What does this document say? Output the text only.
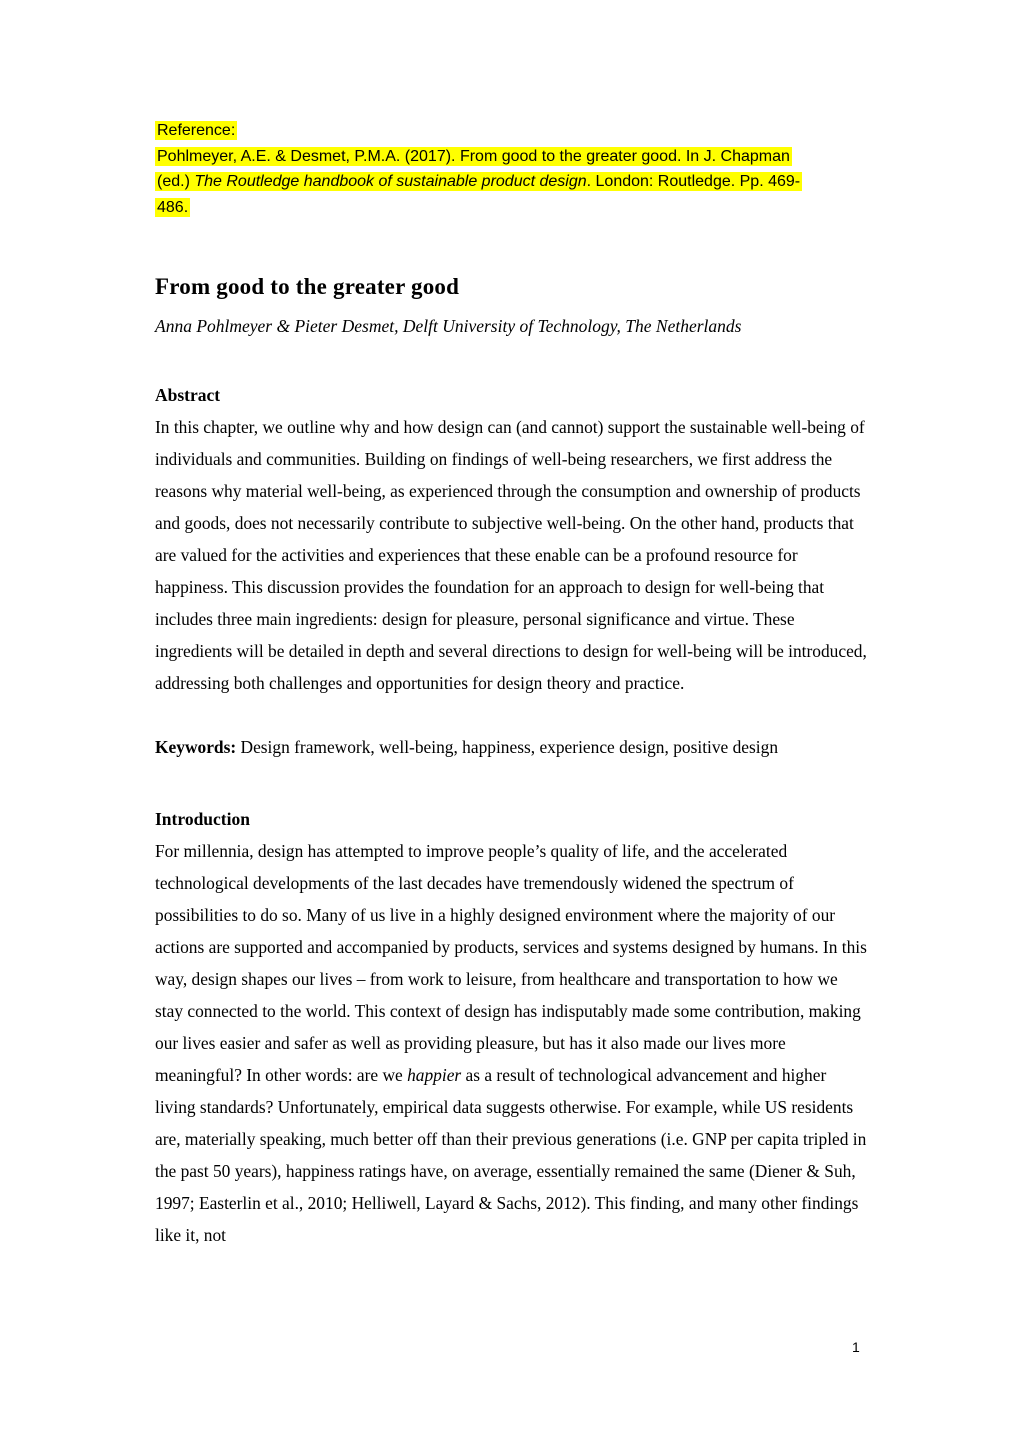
Reference:
Pohlmeyer, A.E. & Desmet, P.M.A. (2017). From good to the greater good. In J. Chapman
(ed.) The Routledge handbook of sustainable product design. London: Routledge. Pp. 469-
486.
From good to the greater good

Anna Pohlmeyer & Pieter Desmet, Delft University of Technology, The Netherlands

Abstract

In this chapter, we outline why and how design can (and cannot) support the sustainable well-being of individuals and communities. Building on findings of well-being researchers, we first address the reasons why material well-being, as experienced through the consumption and ownership of products and goods, does not necessarily contribute to subjective well-being. On the other hand, products that are valued for the activities and experiences that these enable can be a profound resource for happiness. This discussion provides the foundation for an approach to design for well-being that includes three main ingredients: design for pleasure, personal significance and virtue. These ingredients will be detailed in depth and several directions to design for well-being will be introduced, addressing both challenges and opportunities for design theory and practice.

Keywords: Design framework, well-being, happiness, experience design, positive design

Introduction

For millennia, design has attempted to improve people’s quality of life, and the accelerated technological developments of the last decades have tremendously widened the spectrum of possibilities to do so. Many of us live in a highly designed environment where the majority of our actions are supported and accompanied by products, services and systems designed by humans. In this way, design shapes our lives – from work to leisure, from healthcare and transportation to how we stay connected to the world. This context of design has indisputably made some contribution, making our lives easier and safer as well as providing pleasure, but has it also made our lives more meaningful? In other words: are we happier as a result of technological advancement and higher living standards? Unfortunately, empirical data suggests otherwise. For example, while US residents are, materially speaking, much better off than their previous generations (i.e. GNP per capita tripled in the past 50 years), happiness ratings have, on average, essentially remained the same (Diener & Suh, 1997; Easterlin et al., 2010; Helliwell, Layard & Sachs, 2012). This finding, and many other findings like it, not

1
